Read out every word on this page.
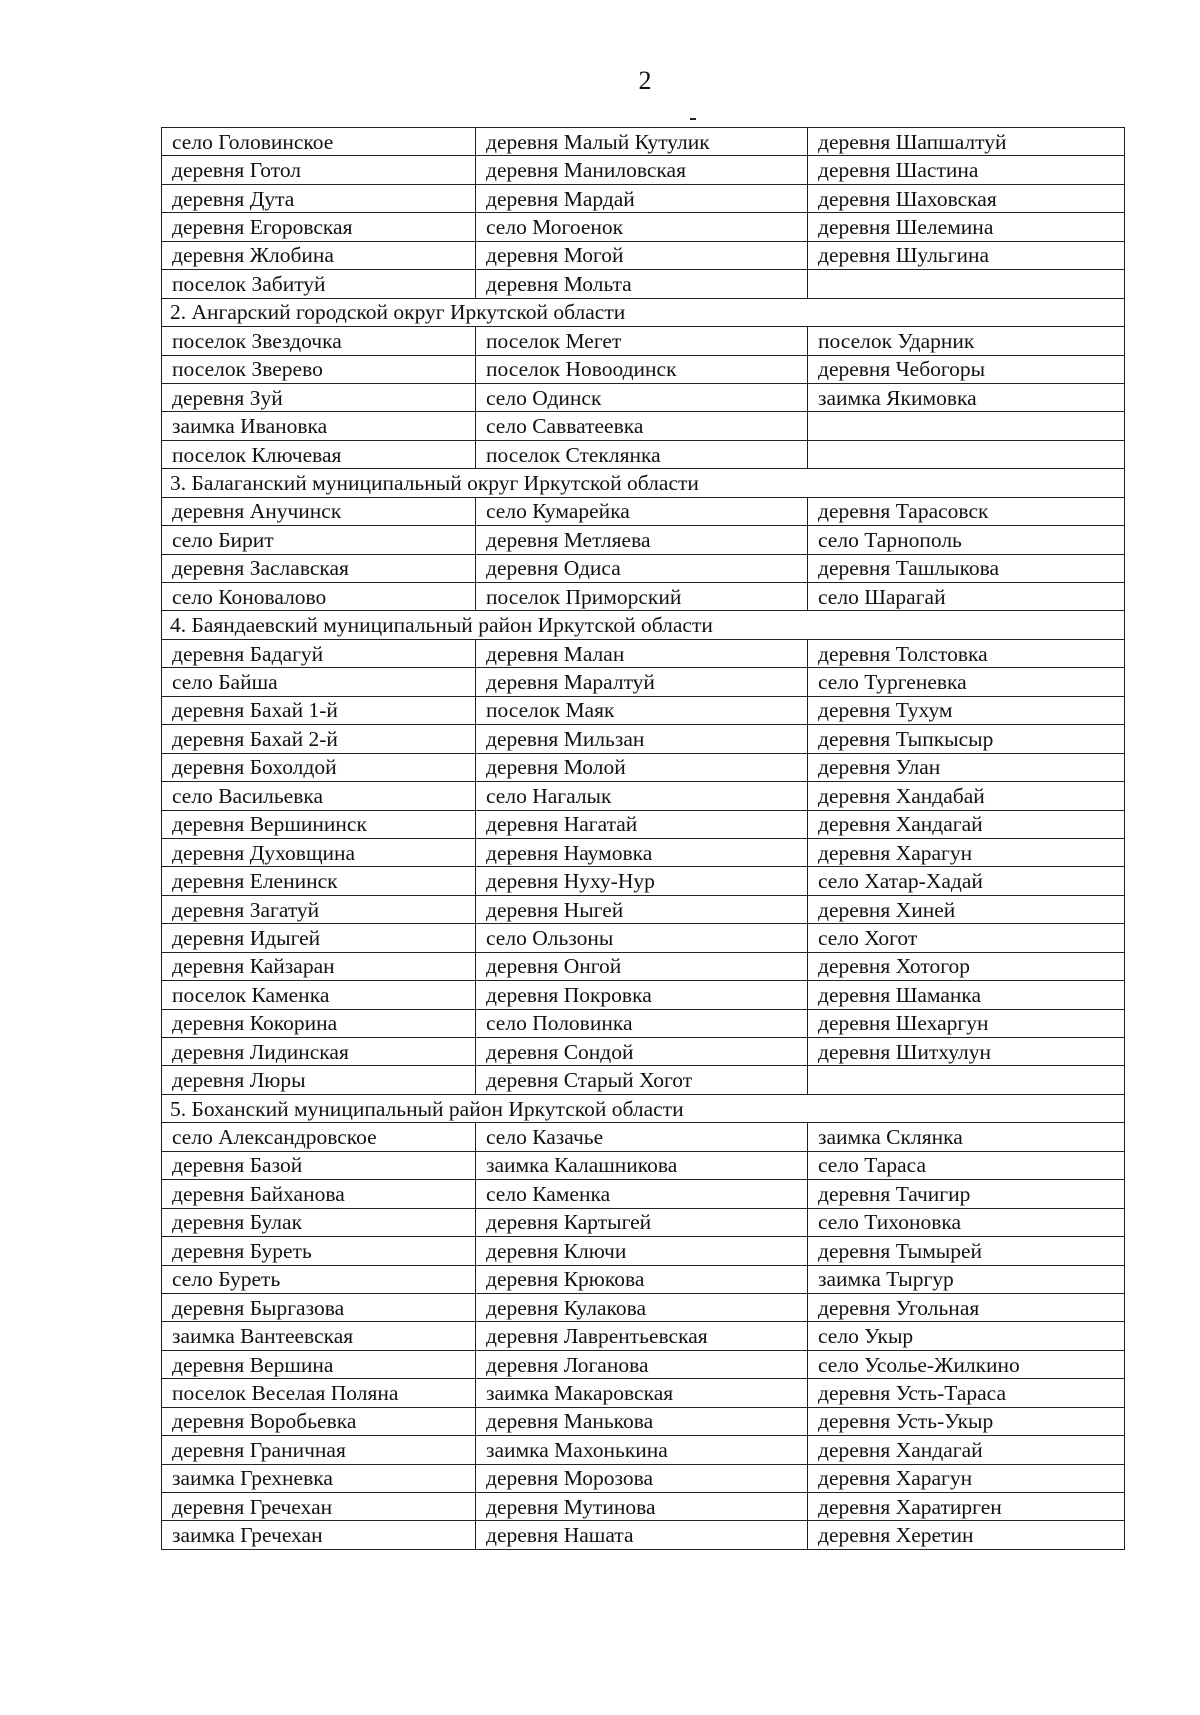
2
село Головинское	деревня Малый Кутулик	деревня Шапшалтуй
деревня Готол	деревня Маниловская	деревня Шастина
деревня Дута	деревня Мардай	деревня Шаховская
деревня Егоровская	село Могоенок	деревня Шелемина
деревня Жлобина	деревня Могой	деревня Шульгина
поселок Забитуй	деревня Мольта	
2. Ангарский городской округ Иркутской области		
поселок Звездочка	поселок Мегет	поселок Ударник
поселок Зверево	поселок Новоодинск	деревня Чебогоры
деревня Зуй	село Одинск	заимка Якимовка
заимка Ивановка	село Савватеевка	
поселок Ключевая	поселок Стеклянка	
3. Балаганский муниципальный округ Иркутской области		
деревня Анучинск	село Кумарейка	деревня Тарасовск
село Бирит	деревня Метляева	село Тарнополь
деревня Заславская	деревня Одиса	деревня Ташлыкова
село Коновалово	поселок Приморский	село Шарагай
4. Баяндаевский муниципальный район Иркутской области		
деревня Бадагуй	деревня Малан	деревня Толстовка
село Байша	деревня Маралтуй	село Тургеневка
деревня Бахай 1-й	поселок Маяк	деревня Тухум
деревня Бахай 2-й	деревня Мильзан	деревня Тыпкысыр
деревня Бохолдой	деревня Молой	деревня Улан
село Васильевка	село Нагалык	деревня Хандабай
деревня Вершининск	деревня Нагатай	деревня Хандагай
деревня Духовщина	деревня Наумовка	деревня Харагун
деревня Еленинск	деревня Нуху-Нур	село Хатар-Хадай
деревня Загатуй	деревня Ныгей	деревня Хиней
деревня Идыгей	село Ользоны	село Хогот
деревня Кайзаран	деревня Онгой	деревня Хотогор
поселок Каменка	деревня Покровка	деревня Шаманка
деревня Кокорина	село Половинка	деревня Шехаргун
деревня Лидинская	деревня Сондой	деревня Шитхулун
деревня Люры	деревня Старый Хогот	
5. Боханский муниципальный район Иркутской области		
село Александровское	село Казачье	заимка Склянка
деревня Базой	заимка Калашникова	село Тараса
деревня Байханова	село Каменка	деревня Тачигир
деревня Булак	деревня Картыгей	село Тихоновка
деревня Буреть	деревня Ключи	деревня Тымырей
село Буреть	деревня Крюкова	заимка Тыргур
деревня Быргазова	деревня Кулакова	деревня Угольная
заимка Вантеевская	деревня Лаврентьевская	село Укыр
деревня Вершина	деревня Логанова	село Усолье-Жилкино
поселок Веселая Поляна	заимка Макаровская	деревня Усть-Тараса
деревня Воробьевка	деревня Манькова	деревня Усть-Укыр
деревня Граничная	заимка Махонькина	деревня Хандагай
заимка Грехневка	деревня Морозова	деревня Харагун
деревня Гречехан	деревня Мутинова	деревня Харатирген
заимка Гречехан	деревня Нашата	деревня Херетин
